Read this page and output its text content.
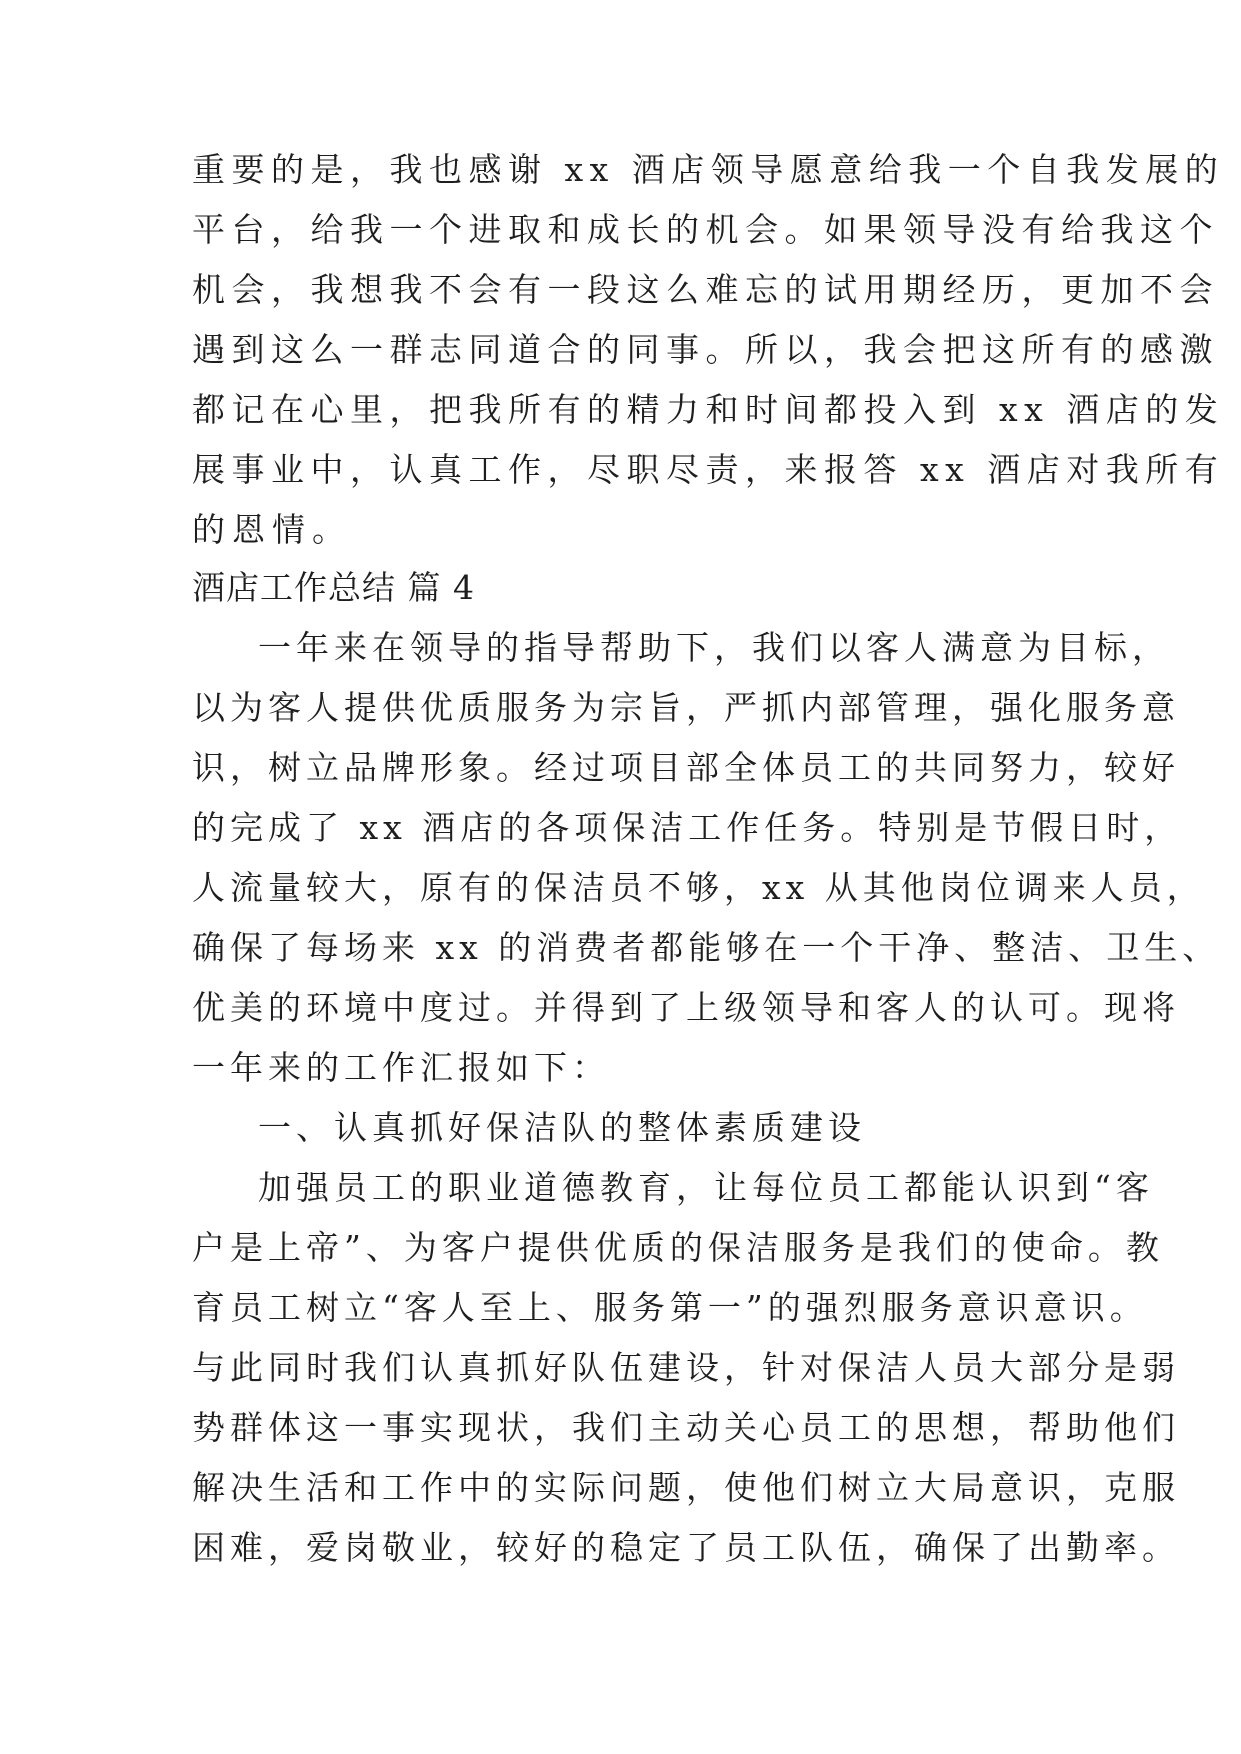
重要的是，我也感谢 xx 酒店领导愿意给我一个自我发展的
平台，给我一个进取和成长的机会。如果领导没有给我这个
机会，我想我不会有一段这么难忘的试用期经历，更加不会
遇到这么一群志同道合的同事。所以，我会把这所有的感激
都记在心里，把我所有的精力和时间都投入到 xx 酒店的发
展事业中，认真工作，尽职尽责，来报答 xx 酒店对我所有
的恩情。
酒店工作总结 篇 4
一年来在领导的指导帮助下，我们以客人满意为目标，
以为客人提供优质服务为宗旨，严抓内部管理，强化服务意
识，树立品牌形象。经过项目部全体员工的共同努力，较好
的完成了 xx 酒店的各项保洁工作任务。特别是节假日时，
人流量较大，原有的保洁员不够，xx 从其他岗位调来人员，
确保了每场来 xx 的消费者都能够在一个干净、整洁、卫生、
优美的环境中度过。并得到了上级领导和客人的认可。现将
一年来的工作汇报如下：
一、认真抓好保洁队的整体素质建设
加强员工的职业道德教育，让每位员工都能认识到“客
户是上帝”、为客户提供优质的保洁服务是我们的使命。教
育员工树立“客人至上、服务第一”的强烈服务意识意识。
与此同时我们认真抓好队伍建设，针对保洁人员大部分是弱
势群体这一事实现状，我们主动关心员工的思想，帮助他们
解决生活和工作中的实际问题，使他们树立大局意识，克服
困难，爱岗敬业，较好的稳定了员工队伍，确保了出勤率。
